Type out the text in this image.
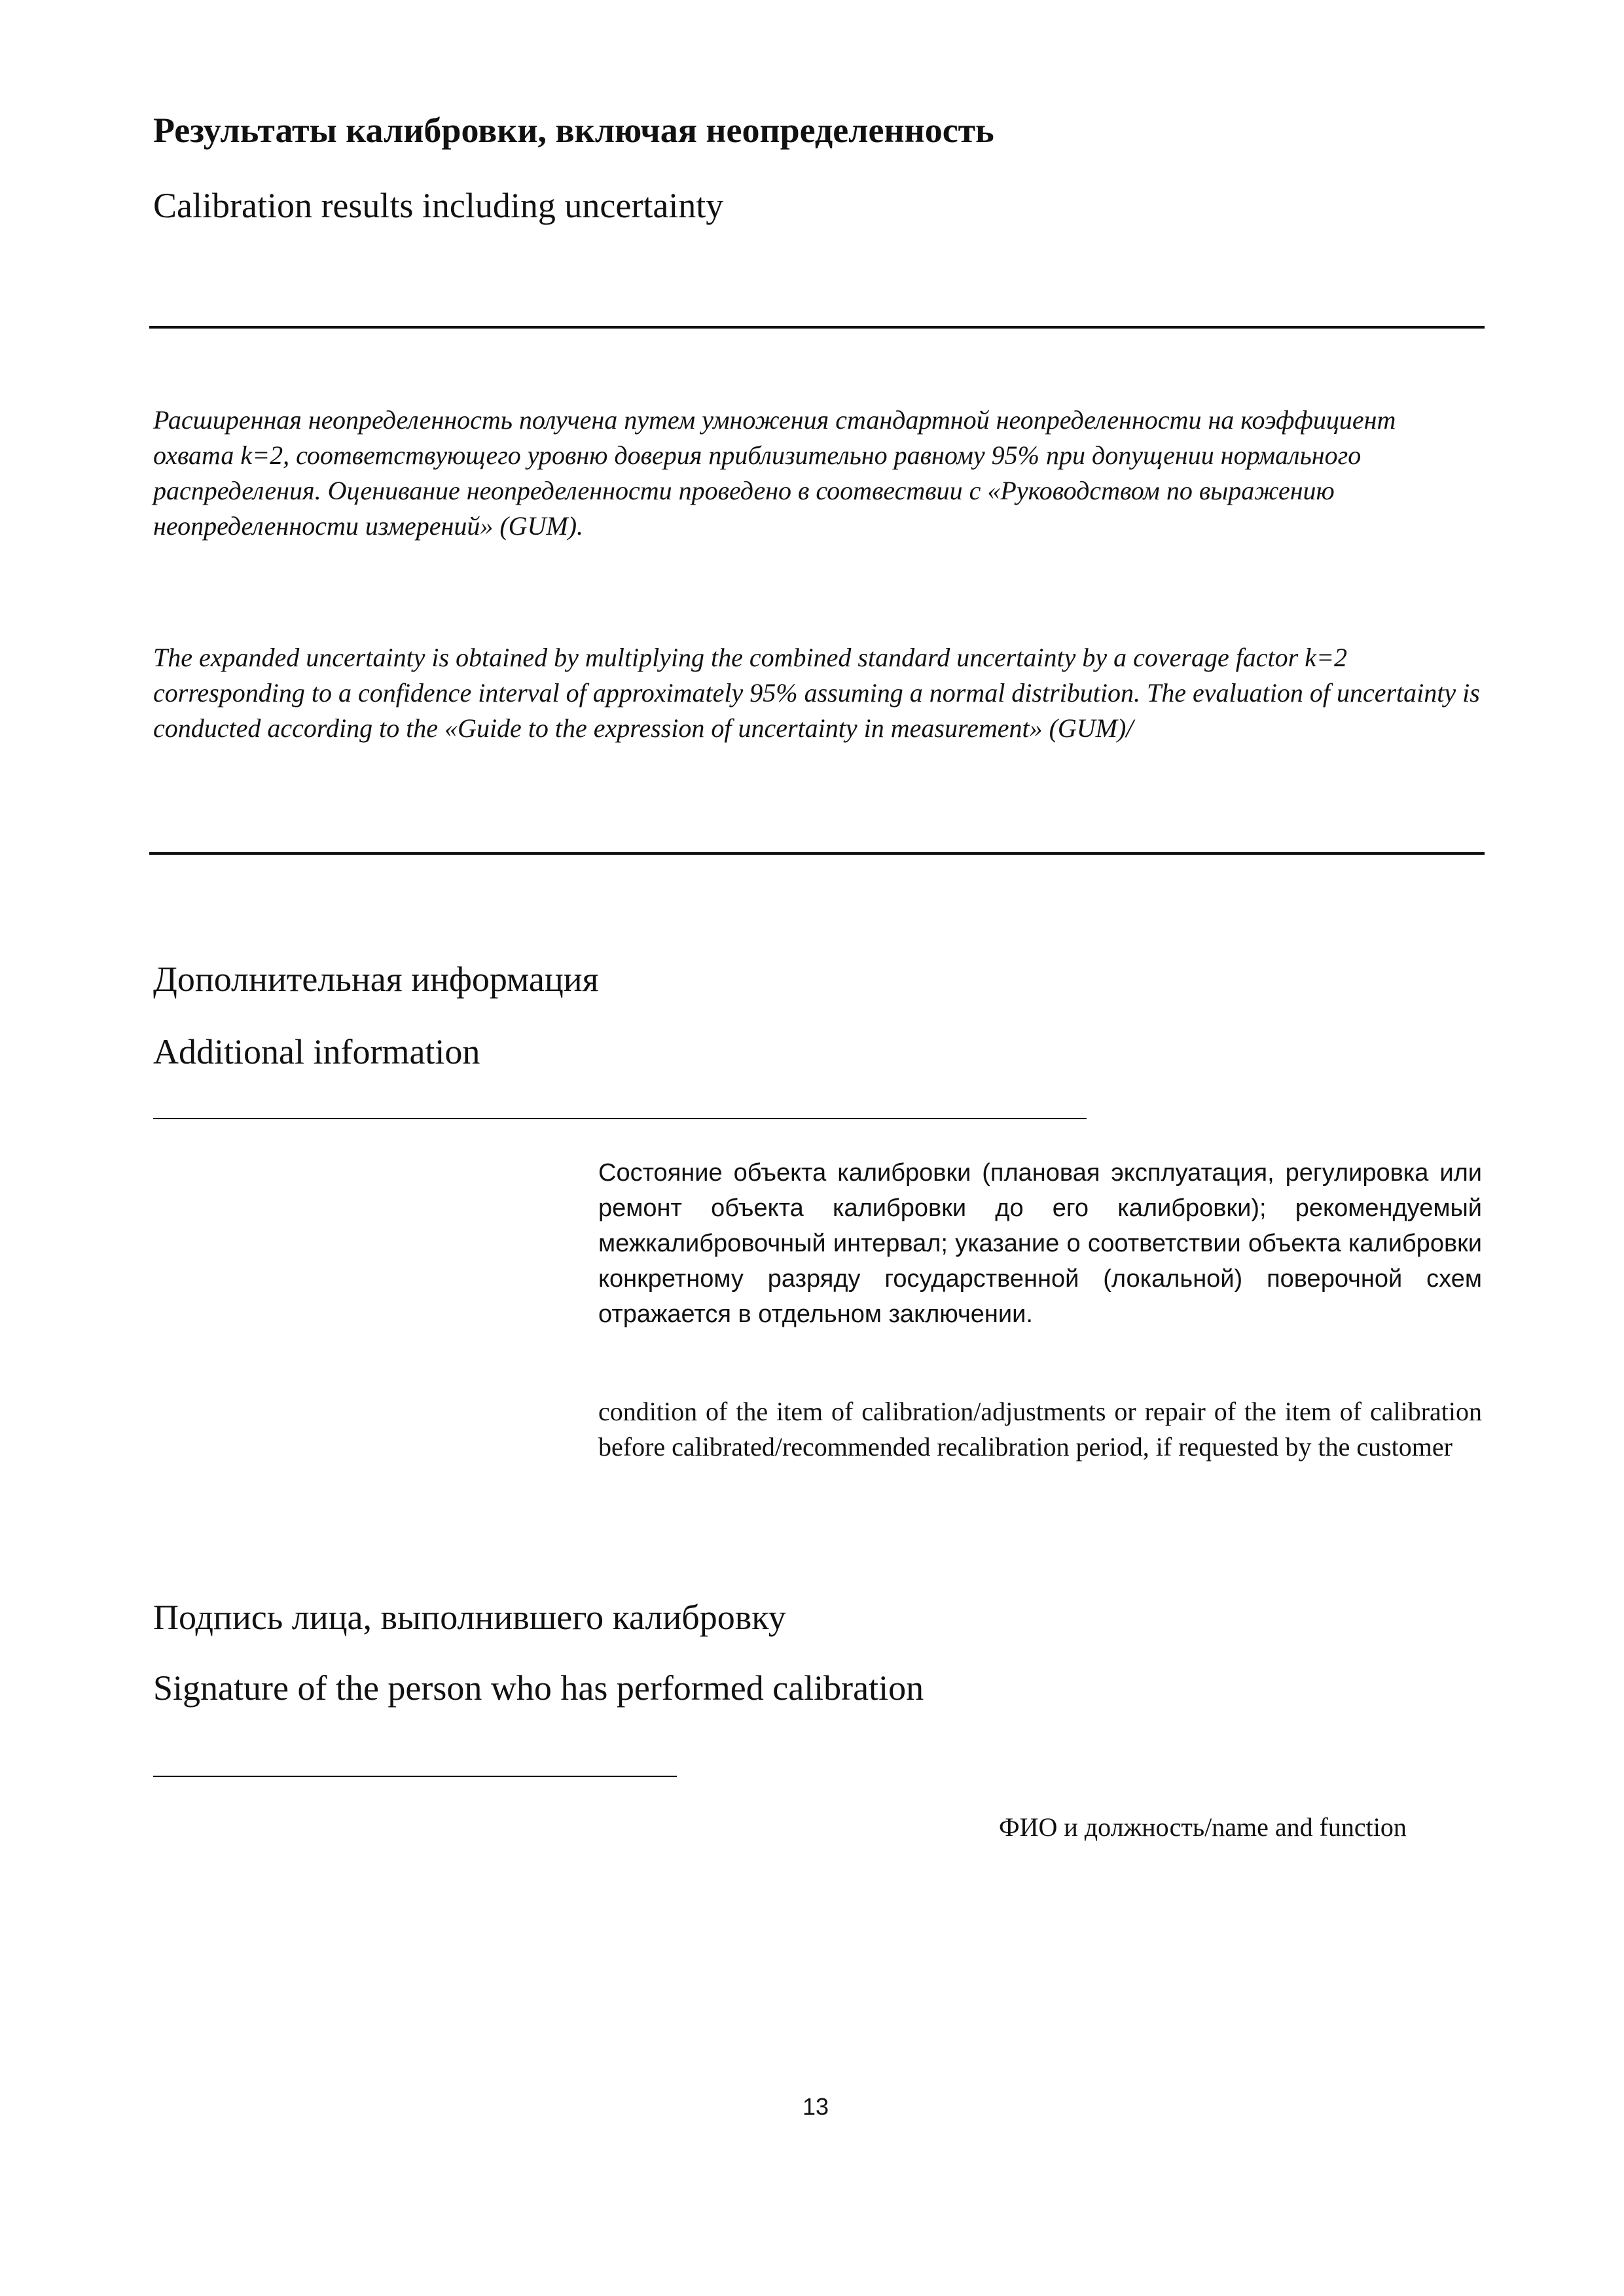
Результаты калибровки, включая неопределенность
Calibration results including uncertainty

Расширенная неопределенность получена путем умножения стандартной неопределенности на коэффициент охвата k=2, соответствующего уровню доверия приблизительно равному 95% при допущении нормального распределения. Оценивание неопределенности проведено в соотвествии с «Руководством по выражению неопределенности измерений» (GUM).

The expanded uncertainty is obtained by multiplying the combined standard uncertainty by a coverage factor k=2 corresponding to a confidence interval of approximately 95% assuming a normal distribution. The evaluation of uncertainty is conducted according to the «Guide to the expression of uncertainty in measurement» (GUM)/

Дополнительная информация
Additional information

Состояние объекта калибровки (плановая эксплуатация, регулировка или ремонт объекта калибровки до его калибровки); рекомендуемый межкалибровочный интервал; указание о соответствии объекта калибровки конкретному разряду государственной (локальной) поверочной схем отражается в отдельном заключении.

condition of the item of calibration/adjustments or repair of the item of calibration before calibrated/recommended recalibration period, if requested by the customer

Подпись лица, выполнившего калибровку
Signature of the person who has performed calibration
ФИО и должность/name and function
13
